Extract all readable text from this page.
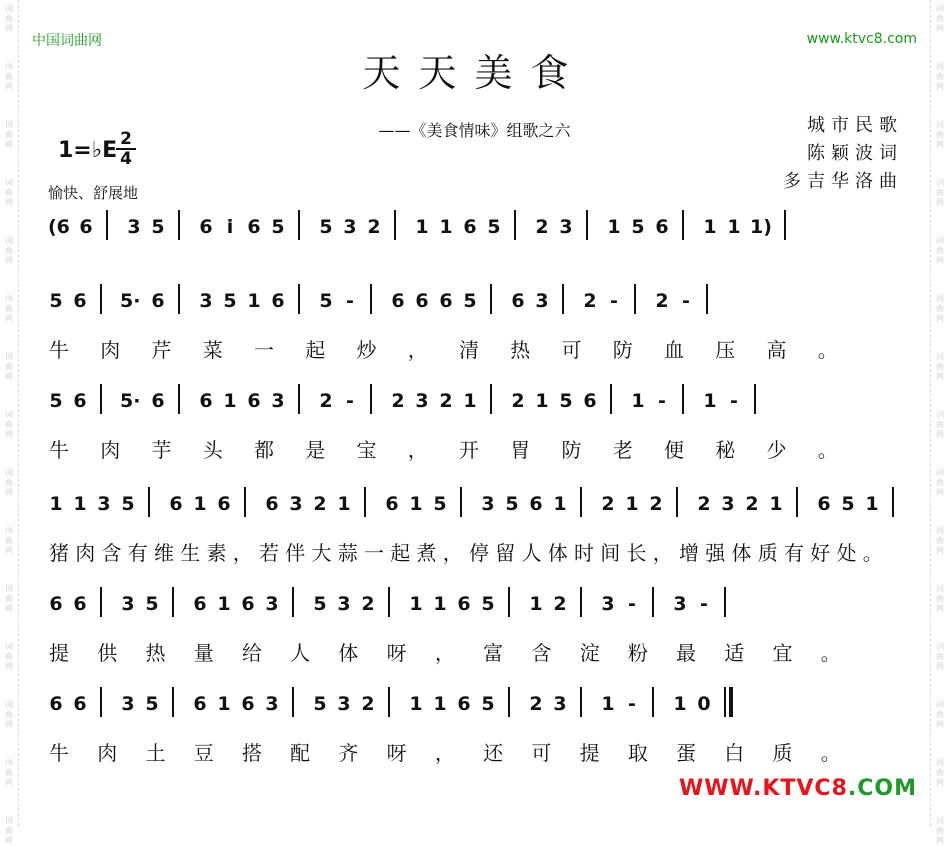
词
曲
网
词
曲
网
词
曲
网
词
曲
网
词
曲
网
词
曲
网
词
曲
网
词
曲
网
词
曲
网
词
曲
网
词
曲
网
词
曲
网
词
曲
网
词
曲
网
词
曲
网
词
曲
网
词
曲
网
词
曲
网
词
曲
网
词
曲
网
词
曲
网
词
曲
网
词
曲
网
词
曲
网
词
曲
网
词
曲
网
词
曲
网
词
曲
网
词
曲
网
词
曲
网
中国词曲网	www.ktvc8.com
天天美食
——《美食情味》组歌之六	城市民歌
陈颖波词
多吉华洛曲
1=♭E 2
4
愉快、舒展地
(6 6 3 5 6 i 6 5 5 3 2 1 1 6 5 2 3 1 5 6 1 1 1)
5 6 5· 6 3 5 1 6 5 - 6 6 6 5 6 3 2 - 2 -
牛 肉 芹 菜 一 起 炒 ， 清 热 可 防 血 压 高 。
5 6 5· 6 6 1 6 3 2 - 2 3 2 1 2 1 5 6 1 - 1 -
牛 肉 芋 头 都 是 宝 ， 开 胃 防 老 便 秘 少 。
1 1 3 5 6 1 6 6 3 2 1 6 1 5 3 5 6 1 2 1 2 2 3 2 1 6 5 1
猪 肉 含 有 维 生 素 ， 若 伴 大 蒜 一 起 煮 ， 停 留 人 体 时 间 长 ， 增 强 体 质 有 好 处 。
6 6 3 5 6 1 6 3 5 3 2 1 1 6 5 1 2 3 - 3 -
提 供 热 量 给 人 体 呀 ， 富 含 淀 粉 最 适 宜 。
6 6 3 5 6 1 6 3 5 3 2 1 1 6 5 2 3 1 - 1 0
牛 肉 土 豆 搭 配 齐 呀 ， 还 可 提 取 蛋 白 质 。
WWW.KTVC8.COM
